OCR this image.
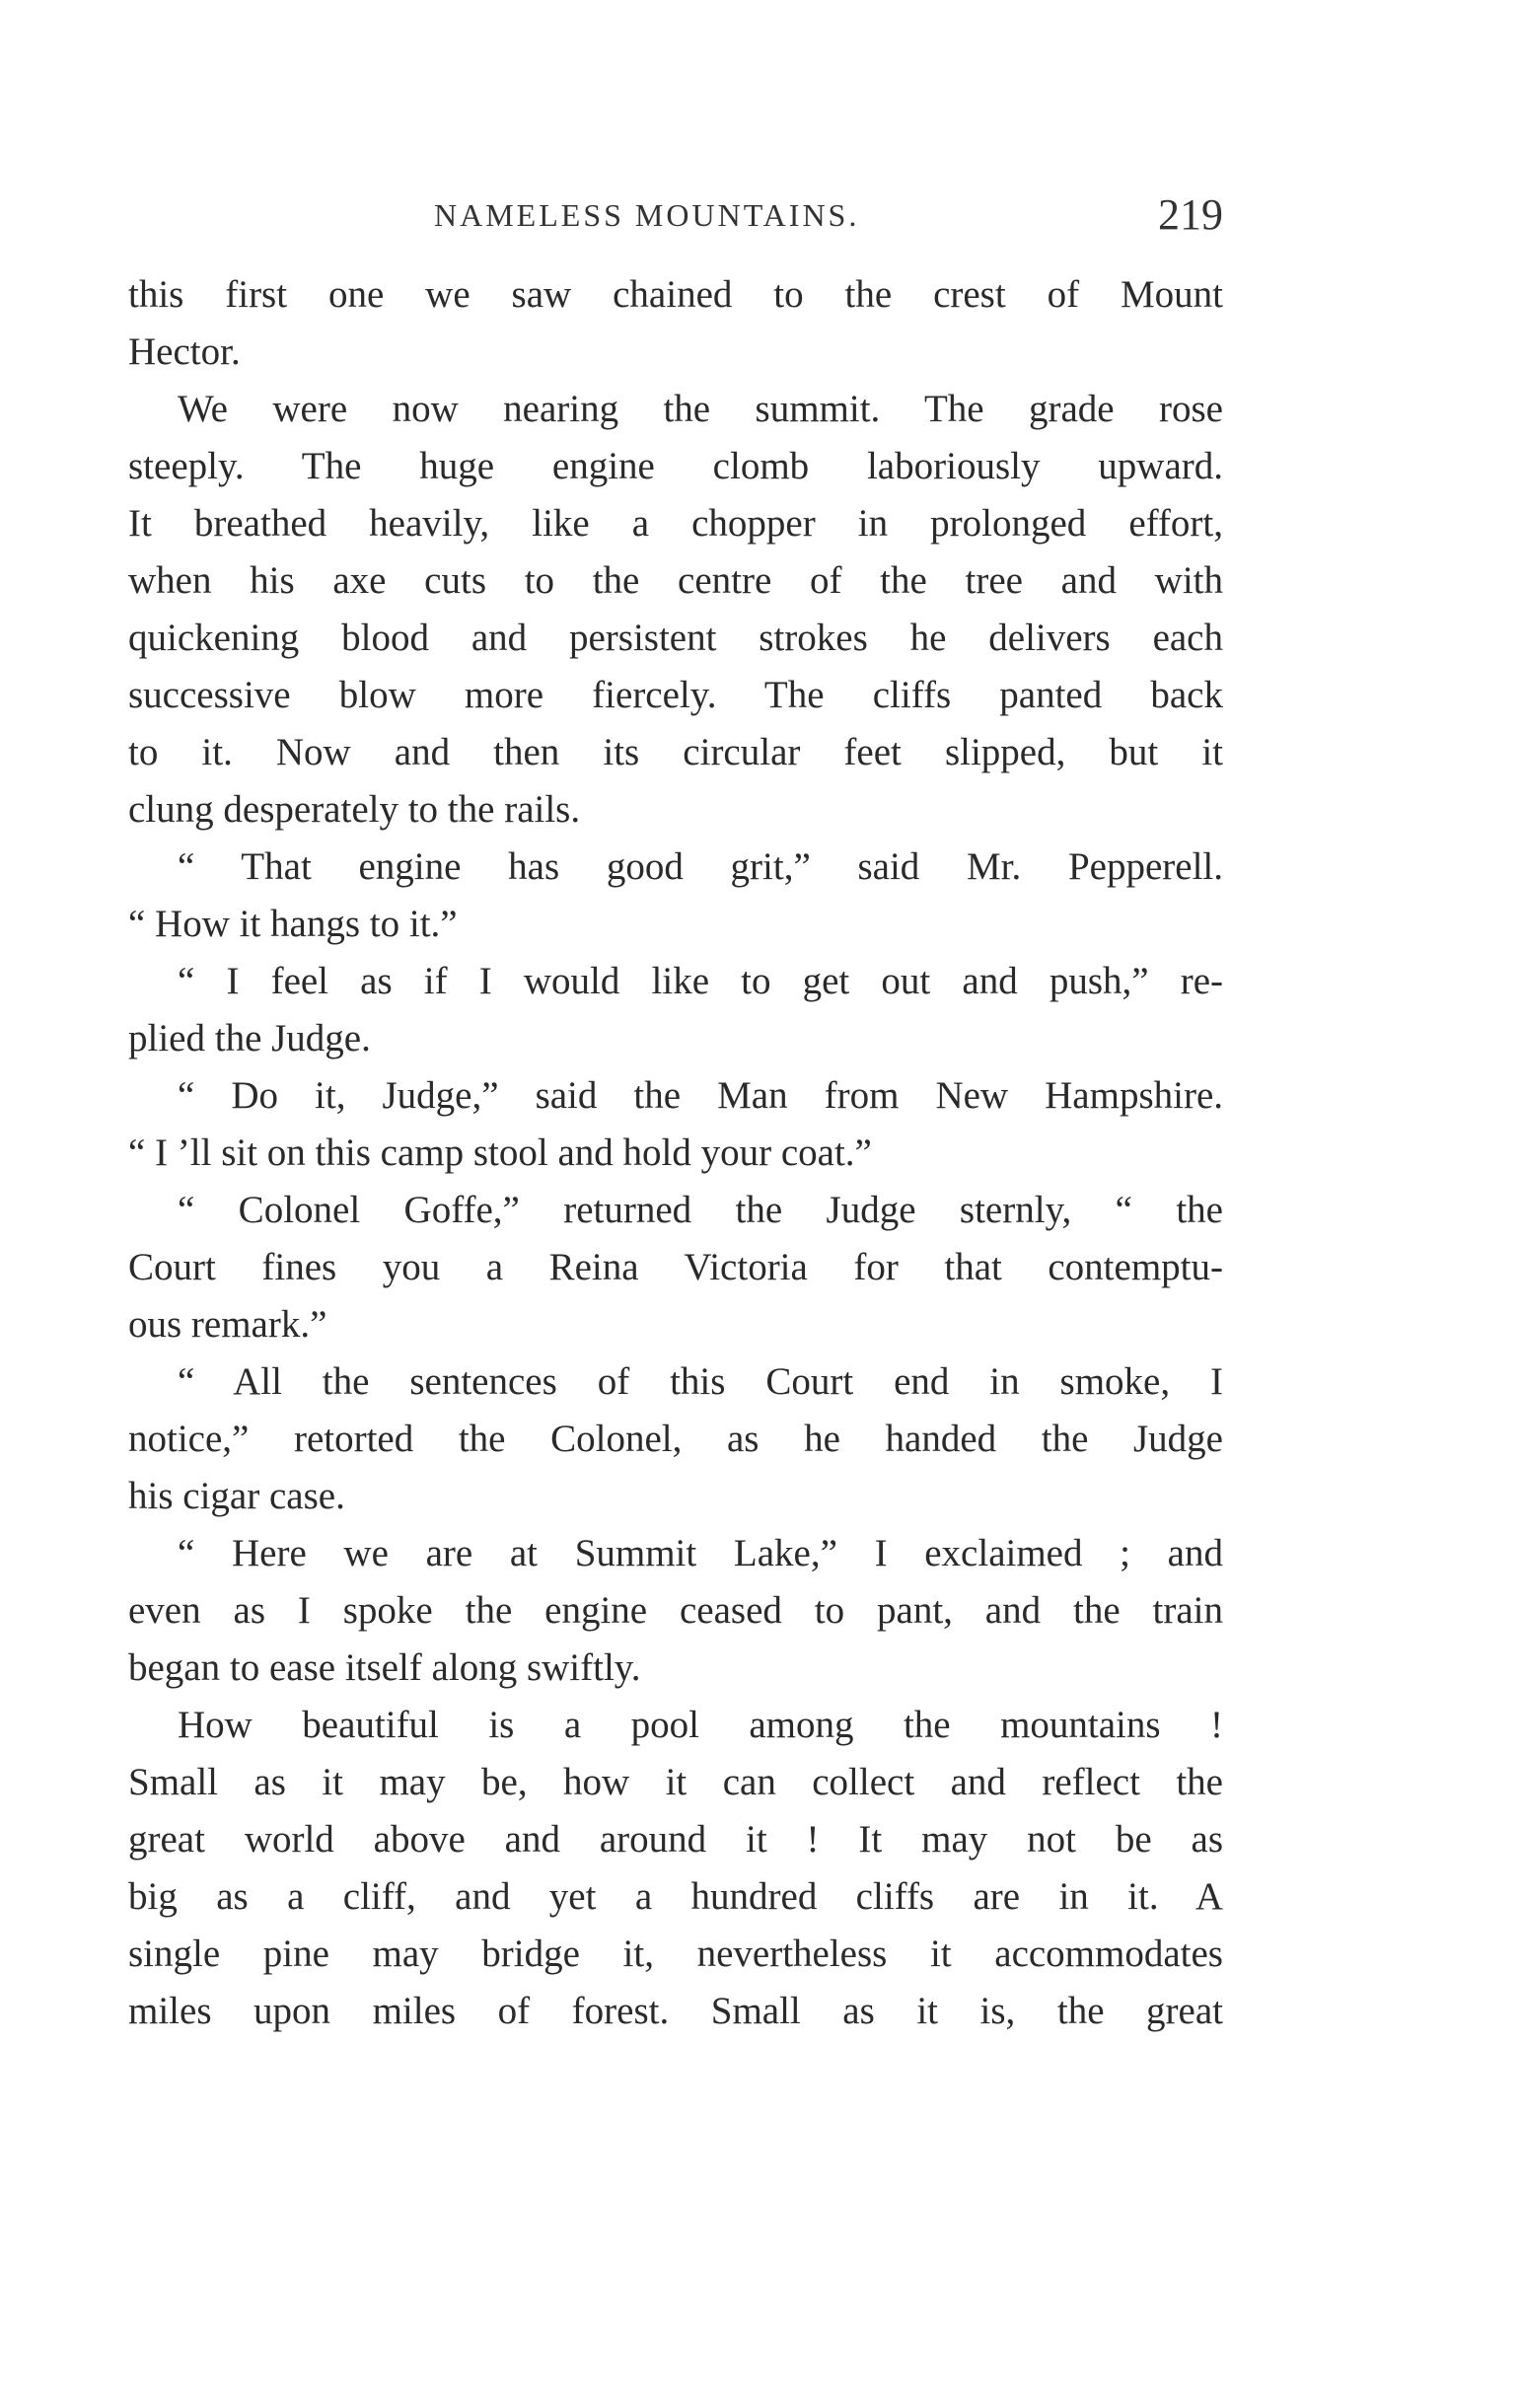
NAMELESS MOUNTAINS.	219
this first one we saw chained to the crest of Mount
Hector.
We were now nearing the summit. The grade rose
steeply. The huge engine clomb laboriously upward.
It breathed heavily, like a chopper in prolonged effort,
when his axe cuts to the centre of the tree and with
quickening blood and persistent strokes he delivers each
successive blow more fiercely. The cliffs panted back
to it. Now and then its circular feet slipped, but it
clung desperately to the rails.
“ That engine has good grit,” said Mr. Pepperell.
“ How it hangs to it.”
“ I feel as if I would like to get out and push,” re-
plied the Judge.
“ Do it, Judge,” said the Man from New Hampshire.
“ I ’ll sit on this camp stool and hold your coat.”
“ Colonel Goffe,” returned the Judge sternly, “ the
Court fines you a Reina Victoria for that contemptu-
ous remark.”
“ All the sentences of this Court end in smoke, I
notice,” retorted the Colonel, as he handed the Judge
his cigar case.
“ Here we are at Summit Lake,” I exclaimed ; and
even as I spoke the engine ceased to pant, and the train
began to ease itself along swiftly.
How beautiful is a pool among the mountains !
Small as it may be, how it can collect and reflect the
great world above and around it ! It may not be as
big as a cliff, and yet a hundred cliffs are in it. A
single pine may bridge it, nevertheless it accommodates
miles upon miles of forest. Small as it is, the great
